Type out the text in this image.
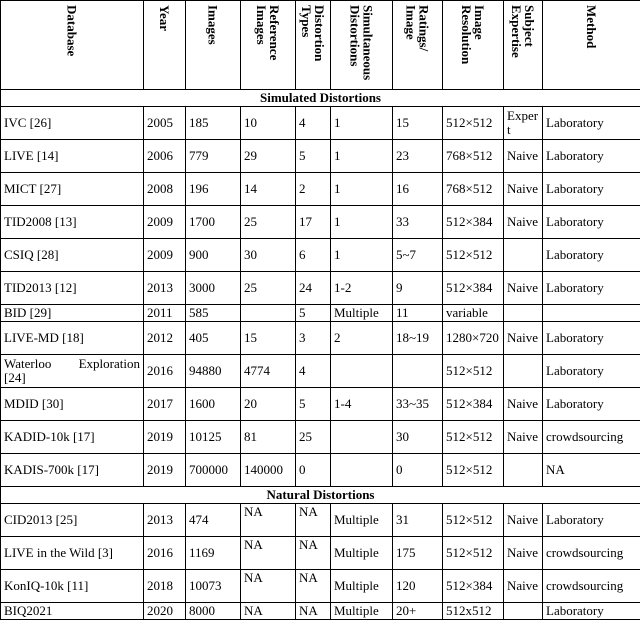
Database	Year	Images	Reference Images	Distortion Types	Simultaneous Distortions	Ratings/ Image	Image Resolution	Subject Expertise	Method

Simulated Distortions									
IVC [26]	2005	185	10	4	1	15	512×512	Expert	Laboratory
LIVE [14]	2006	779	29	5	1	23	768×512	Naive	Laboratory
MICT [27]	2008	196	14	2	1	16	768×512	Naive	Laboratory
TID2008 [13]	2009	1700	25	17	1	33	512×384	Naive	Laboratory
CSIQ [28]	2009	900	30	6	1	5~7	512×512		Laboratory
TID2013 [12]	2013	3000	25	24	1-2	9	512×384	Naive	Laboratory
BID [29]	2011	585		5	Multiple	11	variable		
LIVE-MD [18]	2012	405	15	3	2	18~19	1280×720	Naive	Laboratory
Waterloo Exploration [24]	2016	94880	4774	4			512×512		Laboratory
MDID [30]	2017	1600	20	5	1-4	33~35	512×384	Naive	Laboratory
KADID-10k [17]	2019	10125	81	25		30	512×512	Naive	crowdsourcing
KADIS-700k [17]	2019	700000	140000	0		0	512×512		NA
Natural Distortions									
CID2013 [25]	2013	474	NA	NA	Multiple	31	512×512	Naive	Laboratory
LIVE in the Wild [3]	2016	1169	NA	NA	Multiple	175	512×512	Naive	crowdsourcing
KonIQ-10k [11]	2018	10073	NA	NA	Multiple	120	512×384	Naive	crowdsourcing
BIQ2021	2020	8000	NA	NA	Multiple	20+	512x512		Laboratory
